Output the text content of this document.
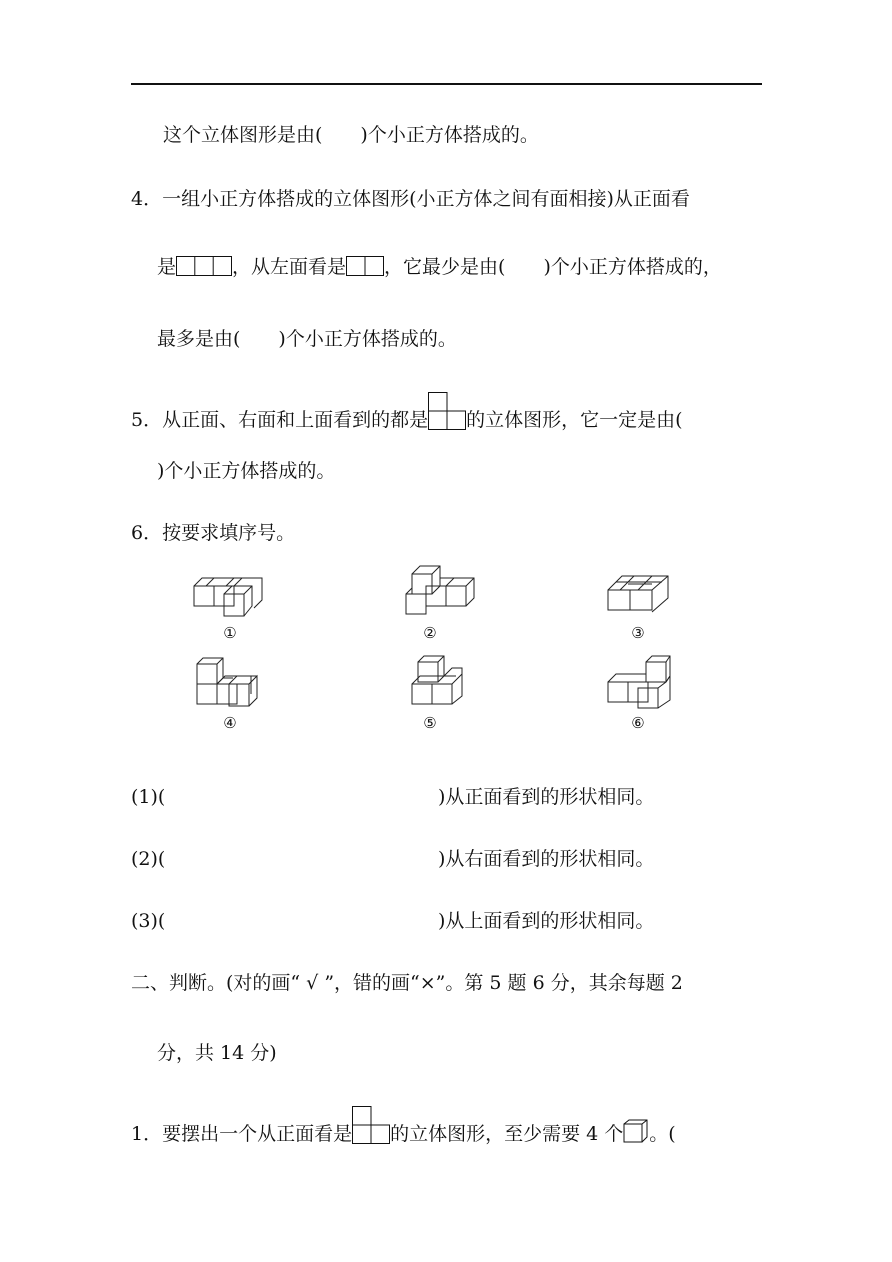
这个立体图形是由(　　)个小正方体搭成的。
4．一组小正方体搭成的立体图形(小正方体之间有面相接)从正面看
是	，从左面看是 ，它最少是由(　　)个小正方体搭成的，
最多是由(　　)个小正方体搭成的。
5．从正面、右面和上面看到的都是 的立体图形，它一定是由(
)个小正方体搭成的。
6．按要求填序号。
①	②	③
④	⑤	⑥
(1)(	)从正面看到的形状相同。
(2)(	)从右面看到的形状相同。
(3)(	)从上面看到的形状相同。
二、判断。(对的画“ √ ”，错的画“×”。第 5 题 6 分，其余每题 2
分，共 14 分)
1．要摆出一个从正面看是 的立体图形，至少需要 4 个 。(
